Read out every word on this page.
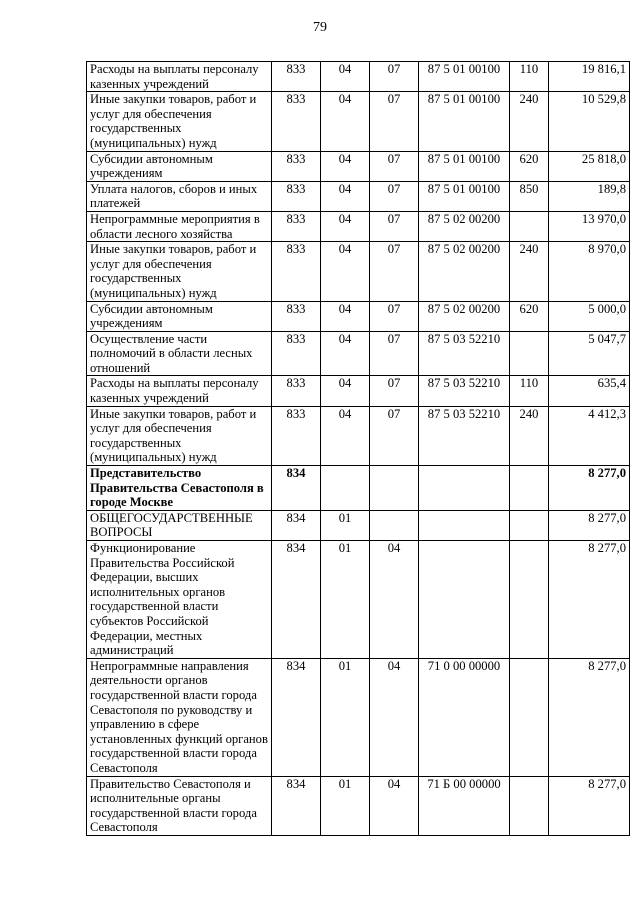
79
Расходы на выплаты персоналу казенных учреждений	833	04	07	87 5 01 00100	110	19 816,1
Иные закупки товаров, работ и услуг для обеспечения государственных (муниципальных) нужд	833	04	07	87 5 01 00100	240	10 529,8
Субсидии автономным учреждениям	833	04	07	87 5 01 00100	620	25 818,0
Уплата налогов, сборов и иных платежей	833	04	07	87 5 01 00100	850	189,8
Непрограммные мероприятия в области лесного хозяйства	833	04	07	87 5 02 00200		13 970,0
Иные закупки товаров, работ и услуг для обеспечения государственных (муниципальных) нужд	833	04	07	87 5 02 00200	240	8 970,0
Субсидии автономным учреждениям	833	04	07	87 5 02 00200	620	5 000,0
Осуществление части полномочий в области лесных отношений	833	04	07	87 5 03 52210		5 047,7
Расходы на выплаты персоналу казенных учреждений	833	04	07	87 5 03 52210	110	635,4
Иные закупки товаров, работ и услуг для обеспечения государственных (муниципальных) нужд	833	04	07	87 5 03 52210	240	4 412,3
Представительство Правительства Севастополя в городе Москве	834					8 277,0
ОБЩЕГОСУДАРСТВЕННЫЕ ВОПРОСЫ	834	01				8 277,0
Функционирование Правительства Российской Федерации, высших исполнительных органов государственной власти субъектов Российской Федерации, местных администраций	834	01	04			8 277,0
Непрограммные направления деятельности органов государственной власти города Севастополя по руководству и управлению в сфере установленных функций органов государственной власти города Севастополя	834	01	04	71 0 00 00000		8 277,0
Правительство Севастополя и исполнительные органы государственной власти города Севастополя	834	01	04	71 Б 00 00000		8 277,0
